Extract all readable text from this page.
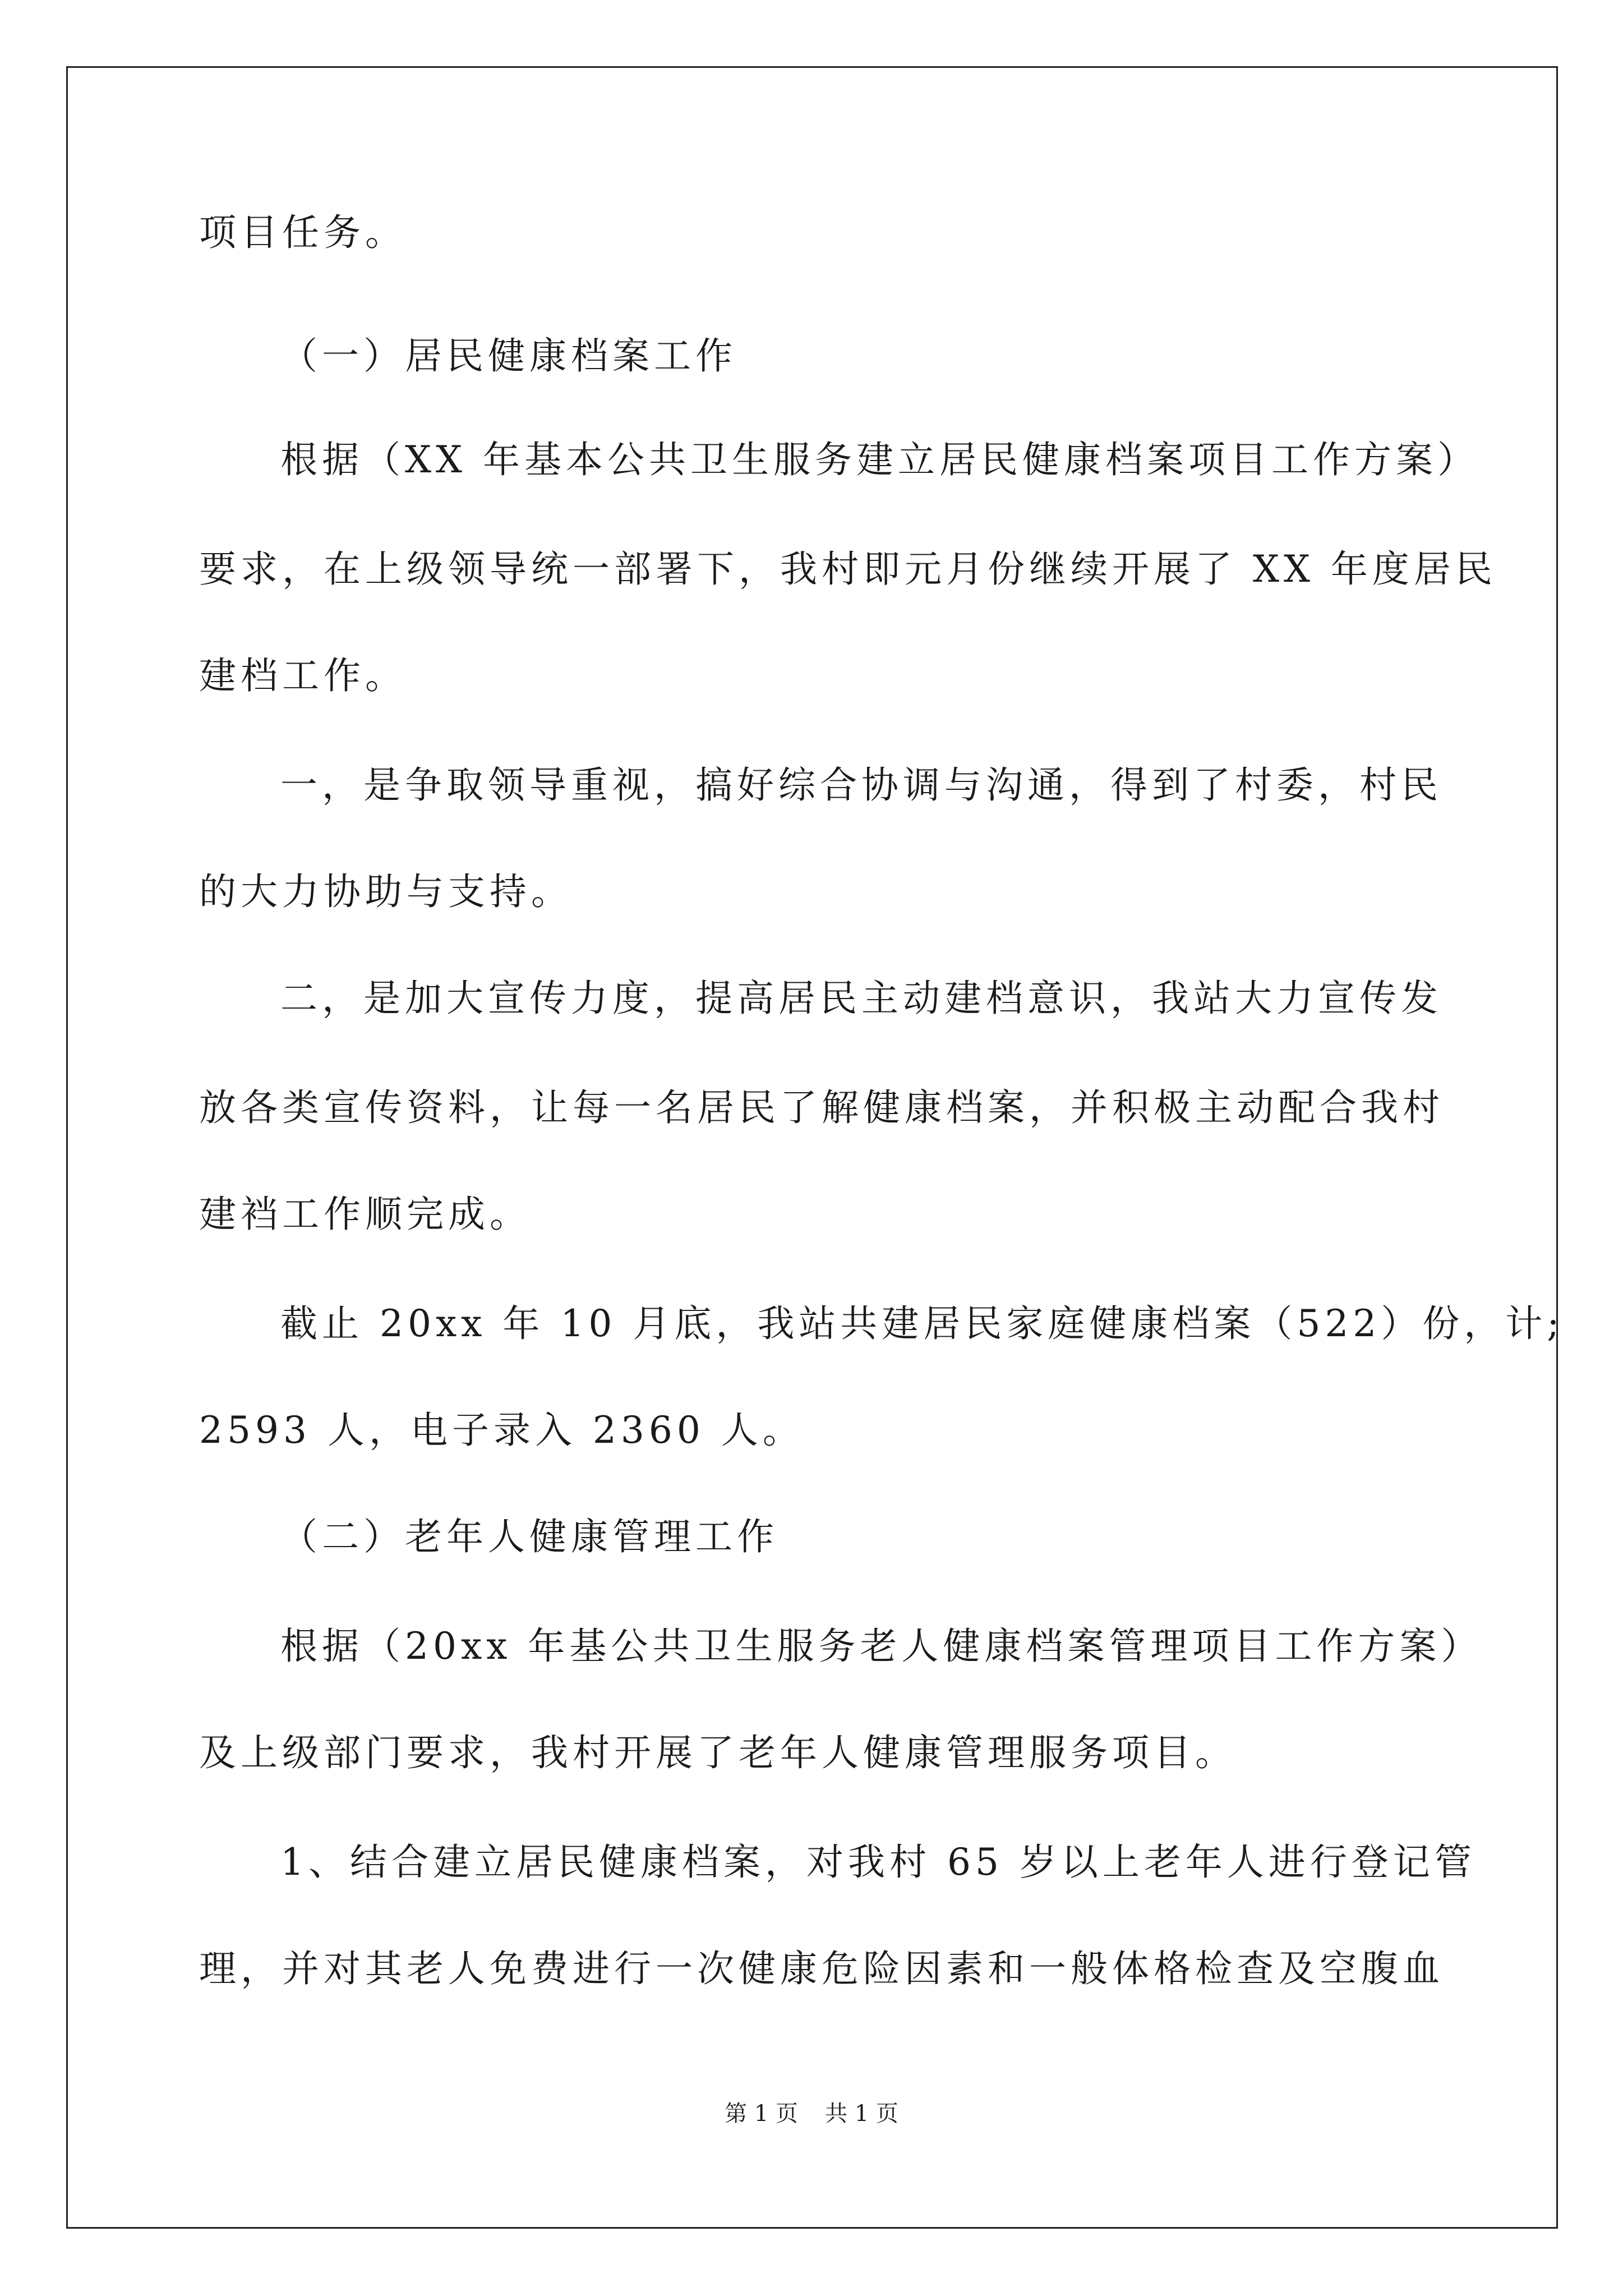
项目任务。
（一）居民健康档案工作
根据（XX 年基本公共卫生服务建立居民健康档案项目工作方案）
要求，在上级领导统一部署下，我村即元月份继续开展了 XX 年度居民
建档工作。
一，是争取领导重视，搞好综合协调与沟通，得到了村委，村民
的大力协助与支持。
二，是加大宣传力度，提高居民主动建档意识，我站大力宣传发
放各类宣传资料，让每一名居民了解健康档案，并积极主动配合我村
建裆工作顺完成。
截止 20xx 年 10 月底，我站共建居民家庭健康档案（522）份，计;
2593 人，电子录入 2360 人。
（二）老年人健康管理工作
根据（20xx 年基公共卫生服务老人健康档案管理项目工作方案）
及上级部门要求，我村开展了老年人健康管理服务项目。
1、结合建立居民健康档案，对我村 65 岁以上老年人进行登记管
理，并对其老人免费进行一次健康危险因素和一般体格检查及空腹血
第 1 页 共 1 页
